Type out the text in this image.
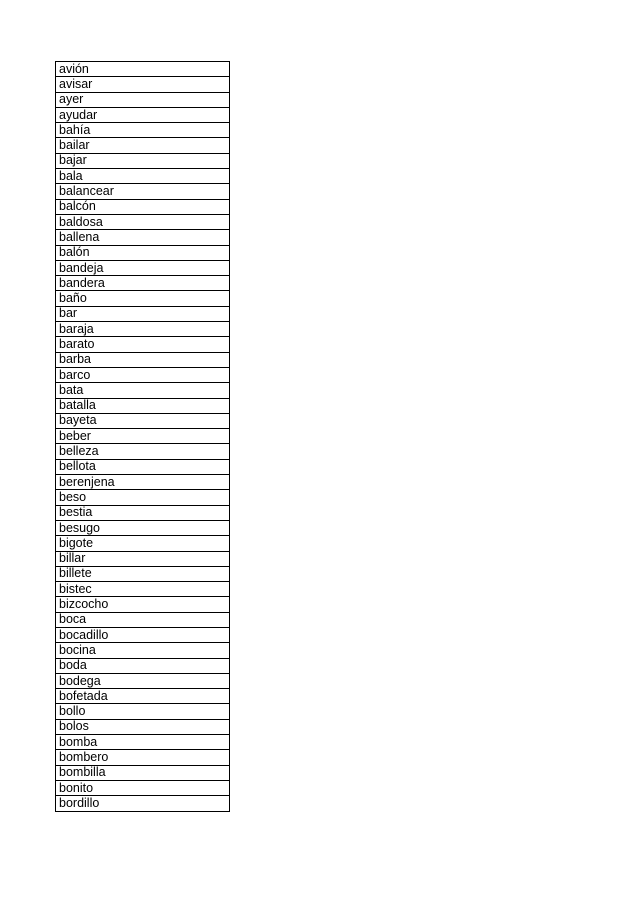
avión
avisar
ayer
ayudar
bahía
bailar
bajar
bala
balancear
balcón
baldosa
ballena
balón
bandeja
bandera
baño
bar
baraja
barato
barba
barco
bata
batalla
bayeta
beber
belleza
bellota
berenjena
beso
bestia
besugo
bigote
billar
billete
bistec
bizcocho
boca
bocadillo
bocina
boda
bodega
bofetada
bollo
bolos
bomba
bombero
bombilla
bonito
bordillo
